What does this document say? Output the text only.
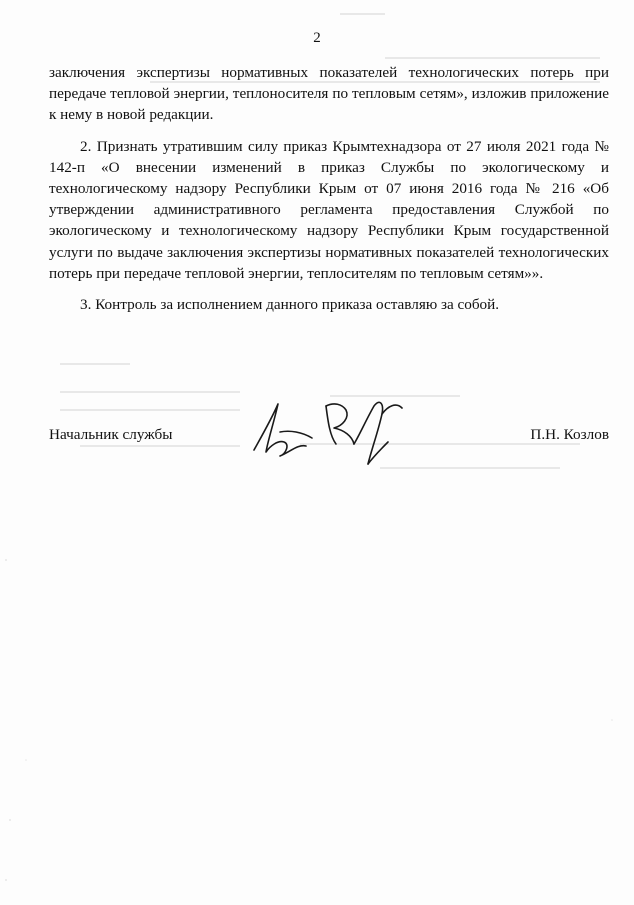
2

заключения экспертизы нормативных показателей технологических потерь при передаче тепловой энергии, теплоносителя по тепловым сетям», изложив приложение к нему в новой редакции.

2. Признать утратившим силу приказ Крымтехнадзора от 27 июля 2021 года № 142-п «О внесении изменений в приказ Службы по экологическому и технологическому надзору Республики Крым от 07 июня 2016 года № 216 «Об утверждении административного регламента предоставления Службой по экологическому и технологическому надзору Республики Крым государственной услуги по выдаче заключения экспертизы нормативных показателей технологических потерь при передаче тепловой энергии, теплосителям по тепловым сетям»».

3. Контроль за исполнением данного приказа оставляю за собой.

Начальник службы	П.Н. Козлов
